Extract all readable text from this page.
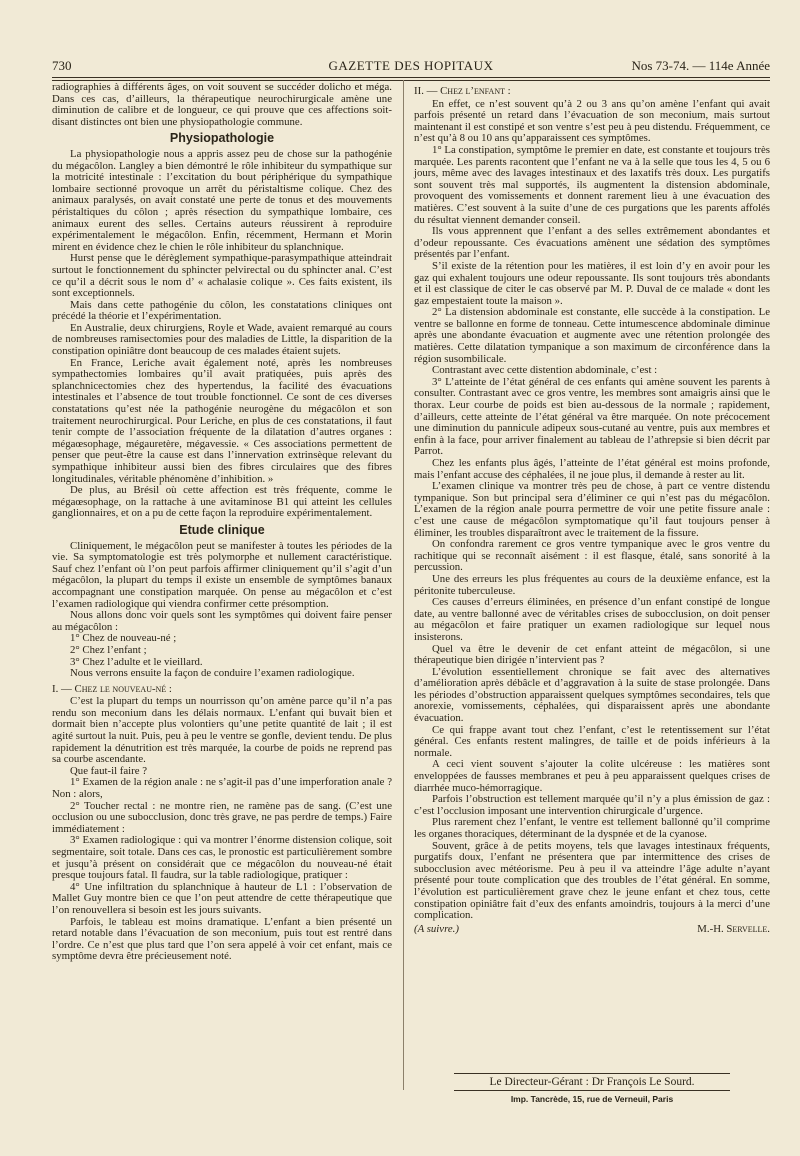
730	GAZETTE DES HOPITAUX	Nos 73-74. — 114e Année

radiographies à différents âges, on voit souvent se succéder dolicho et méga. Dans ces cas, d’ailleurs, la thérapeutique neurochirurgicale amène une diminution de calibre et de longueur, ce qui prouve que ces affections soit-disant distinctes ont bien une physiopathologie commune.

Physiopathologie

La physiopathologie nous a appris assez peu de chose sur la pathogénie du mégacôlon. Langley a bien démontré le rôle inhibiteur du sympathique sur la motricité intestinale : l’excitation du bout périphérique du sympathique lombaire sectionné provoque un arrêt du péristaltisme colique. Chez des animaux paralysés, on avait constaté une perte de tonus et des mouvements péristaltiques du côlon ; après résection du sympathique lombaire, ces animaux eurent des selles. Certains auteurs réussirent à reproduire expérimentalement le mégacôlon. Enfin, récemment, Hermann et Morin mirent en évidence chez le chien le rôle inhibiteur du splanchnique.

Hurst pense que le dérèglement sympathique-parasympathique atteindrait surtout le fonctionnement du sphincter pelvirectal ou du sphincter anal. C’est ce qu’il a décrit sous le nom d’ « achalasie colique ». Ces faits existent, ils sont exceptionnels.

Mais dans cette pathogénie du côlon, les constatations cliniques ont précédé la théorie et l’expérimentation.

En Australie, deux chirurgiens, Royle et Wade, avaient remarqué au cours de nombreuses ramisectomies pour des maladies de Little, la disparition de la constipation opiniâtre dont beaucoup de ces malades étaient sujets.

En France, Leriche avait également noté, après les nombreuses sympathectomies lombaires qu’il avait pratiquées, puis après des splanchnicectomies chez des hypertendus, la facilité des évacuations intestinales et l’absence de tout trouble fonctionnel. Ce sont de ces diverses constatations qu’est née la pathogénie neurogène du mégacôlon et son traitement neurochirurgical. Pour Leriche, en plus de ces constatations, il faut tenir compte de l’association fréquente de la dilatation d’autres organes : mégaœsophage, mégauretère, mégavessie. « Ces associations permettent de penser que peut-être la cause est dans l’innervation extrinsèque relevant du sympathique inhibiteur aussi bien des fibres circulaires que des fibres longitudinales, véritable phénomène d’inhibition. »

De plus, au Brésil où cette affection est très fréquente, comme le mégaœsophage, on la rattache à une avitaminose B1 qui atteint les cellules ganglionnaires, et on a pu de cette façon la reproduire expérimentalement.

Etude clinique

Cliniquement, le mégacôlon peut se manifester à toutes les périodes de la vie. Sa symptomatologie est très polymorphe et nullement caractéristique. Sauf chez l’enfant où l’on peut parfois affirmer cliniquement qu’il s’agit d’un mégacôlon, la plupart du temps il existe un ensemble de symptômes banaux accompagnant une constipation marquée. On pense au mégacôlon et c’est l’examen radiologique qui viendra confirmer cette présomption.

Nous allons donc voir quels sont les symptômes qui doivent faire penser au mégacôlon :

1° Chez de nouveau-né ;

2° Chez l’enfant ;

3° Chez l’adulte et le vieillard.

Nous verrons ensuite la façon de conduire l’examen radiologique.

I. — Chez le nouveau-né :

C’est la plupart du temps un nourrisson qu’on amène parce qu’il n’a pas rendu son meconium dans les délais normaux. L’enfant qui buvait bien et dormait bien n’accepte plus volontiers qu’une petite quantité de lait ; il est agité surtout la nuit. Puis, peu à peu le ventre se gonfle, devient tendu. De plus rapidement la dénutrition est très marquée, la courbe de poids ne reprend pas sa courbe ascendante.

Que faut-il faire ?

1° Examen de la région anale : ne s’agit-il pas d’une imperforation anale ? Non : alors,

2° Toucher rectal : ne montre rien, ne ramène pas de sang. (C’est une occlusion ou une subocclusion, donc très grave, ne pas perdre de temps.) Faire immédiatement :

3° Examen radiologique : qui va montrer l’énorme distension colique, soit segmentaire, soit totale. Dans ces cas, le pronostic est particulièrement sombre et jusqu’à présent on considérait que ce mégacôlon du nouveau-né était presque toujours fatal. Il faudra, sur la table radiologique, pratiquer :

4° Une infiltration du splanchnique à hauteur de L1 : l’observation de Mallet Guy montre bien ce que l’on peut attendre de cette thérapeutique que l’on renouvellera si besoin est les jours suivants.

Parfois, le tableau est moins dramatique. L’enfant a bien présenté un retard notable dans l’évacuation de son meconium, puis tout est rentré dans l’ordre. Ce n’est que plus tard que l’on sera appelé à voir cet enfant, mais ce symptôme devra être précieusement noté.

II. — Chez l’enfant :

En effet, ce n’est souvent qu’à 2 ou 3 ans qu’on amène l’enfant qui avait parfois présenté un retard dans l’évacuation de son meconium, mais surtout maintenant il est constipé et son ventre s’est peu à peu distendu. Fréquemment, ce n’est qu’à 8 ou 10 ans qu’apparaissent ces symptômes.

1° La constipation, symptôme le premier en date, est constante et toujours très marquée. Les parents racontent que l’enfant ne va à la selle que tous les 4, 5 ou 6 jours, même avec des lavages intestinaux et des laxatifs très doux. Les purgatifs sont souvent très mal supportés, ils augmentent la distension abdominale, provoquent des vomissements et donnent rarement lieu à une évacuation des matières. C’est souvent à la suite d’une de ces purgations que les parents affolés du résultat viennent demander conseil.

Ils vous apprennent que l’enfant a des selles extrêmement abondantes et d’odeur repoussante. Ces évacuations amènent une sédation des symptômes présentés par l’enfant.

S’il existe de la rétention pour les matières, il est loin d’y en avoir pour les gaz qui exhalent toujours une odeur repoussante. Ils sont toujours très abondants et il est classique de citer le cas observé par M. P. Duval de ce malade « dont les gaz empestaient toute la maison ».

2° La distension abdominale est constante, elle succède à la constipation. Le ventre se ballonne en forme de tonneau. Cette intumescence abdominale diminue après une abondante évacuation et augmente avec une rétention prolongée des matières. Cette dilatation tympanique a son maximum de circonférence dans la région susombilicale.

Contrastant avec cette distention abdominale, c’est :

3° L’atteinte de l’état général de ces enfants qui amène souvent les parents à consulter. Contrastant avec ce gros ventre, les membres sont amaigris ainsi que le thorax. Leur courbe de poids est bien au-dessous de la normale ; rapidement, d’ailleurs, cette atteinte de l’état général va être marquée. On note précocement une diminution du pannicule adipeux sous-cutané au ventre, puis aux membres et enfin à la face, pour arriver finalement au tableau de l’athrepsie si bien décrit par Parrot.

Chez les enfants plus âgés, l’atteinte de l’état général est moins profonde, mais l’enfant accuse des céphalées, il ne joue plus, il demande à rester au lit.

L’examen clinique va montrer très peu de chose, à part ce ventre distendu tympanique. Son but principal sera d’éliminer ce qui n’est pas du mégacôlon. L’examen de la région anale pourra permettre de voir une petite fissure anale : c’est une cause de mégacôlon symptomatique qu’il faut toujours penser à éliminer, les troubles disparaîtront avec le traitement de la fissure.

On confondra rarement ce gros ventre tympanique avec le gros ventre du rachitique qui se reconnaît aisément : il est flasque, étalé, sans sonorité à la percussion.

Une des erreurs les plus fréquentes au cours de la deuxième enfance, est la péritonite tuberculeuse.

Ces causes d’erreurs éliminées, en présence d’un enfant constipé de longue date, au ventre ballonné avec de véritables crises de subocclusion, on doit penser au mégacôlon et faire pratiquer un examen radiologique sur lequel nous insisterons.

Quel va être le devenir de cet enfant atteint de mégacôlon, si une thérapeutique bien dirigée n’intervient pas ?

L’évolution essentiellement chronique se fait avec des alternatives d’amélioration après débâcle et d’aggravation à la suite de stase prolongée. Dans les périodes d’obstruction apparaissent quelques symptômes secondaires, tels que anorexie, vomissements, céphalées, qui disparaissent après une abondante évacuation.

Ce qui frappe avant tout chez l’enfant, c’est le retentissement sur l’état général. Ces enfants restent malingres, de taille et de poids inférieurs à la normale.

A ceci vient souvent s’ajouter la colite ulcéreuse : les matières sont enveloppées de fausses membranes et peu à peu apparaissent quelques crises de diarrhée muco-hémorragique.

Parfois l’obstruction est tellement marquée qu’il n’y a plus émission de gaz : c’est l’occlusion imposant une intervention chirurgicale d’urgence.

Plus rarement chez l’enfant, le ventre est tellement ballonné qu’il comprime les organes thoraciques, déterminant de la dyspnée et de la cyanose.

Souvent, grâce à de petits moyens, tels que lavages intestinaux fréquents, purgatifs doux, l’enfant ne présentera que par intermittence des crises de subocclusion avec météorisme. Peu à peu il va atteindre l’âge adulte n’ayant présenté pour toute complication que des troubles de l’état général. En somme, l’évolution est particulièrement grave chez le jeune enfant et chez tous, cette constipation opiniâtre fait d’eux des enfants amoindris, toujours à la merci d’une complication.

(A suivre.)	M.-H. Servelle.
Le Directeur-Gérant : Dr François Le Sourd.
Imp. Tancrède, 15, rue de Verneuil, Paris
